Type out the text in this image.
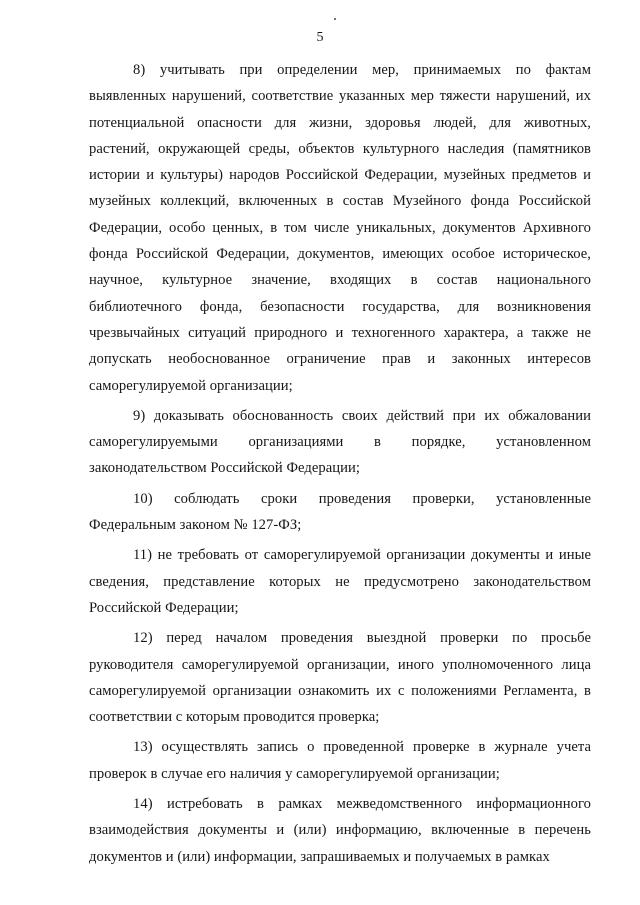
5

8) учитывать при определении мер, принимаемых по фактам выявленных нарушений, соответствие указанных мер тяжести нарушений, их потенциальной опасности для жизни, здоровья людей, для животных, растений, окружающей среды, объектов культурного наследия (памятников истории и культуры) народов Российской Федерации, музейных предметов и музейных коллекций, включенных в состав Музейного фонда Российской Федерации, особо ценных, в том числе уникальных, документов Архивного фонда Российской Федерации, документов, имеющих особое историческое, научное, культурное значение, входящих в состав национального библиотечного фонда, безопасности государства, для возникновения чрезвычайных ситуаций природного и техногенного характера, а также не допускать необоснованное ограничение прав и законных интересов саморегулируемой организации;

9) доказывать обоснованность своих действий при их обжаловании саморегулируемыми организациями в порядке, установленном законодательством Российской Федерации;

10) соблюдать сроки проведения проверки, установленные Федеральным законом № 127-ФЗ;

11) не требовать от саморегулируемой организации документы и иные сведения, представление которых не предусмотрено законодательством Российской Федерации;

12) перед началом проведения выездной проверки по просьбе руководителя саморегулируемой организации, иного уполномоченного лица саморегулируемой организации ознакомить их с положениями Регламента, в соответствии с которым проводится проверка;

13) осуществлять запись о проведенной проверке в журнале учета проверок в случае его наличия у саморегулируемой организации;

14) истребовать в рамках межведомственного информационного взаимодействия документы и (или) информацию, включенные в перечень документов и (или) информации, запрашиваемых и получаемых в рамках
